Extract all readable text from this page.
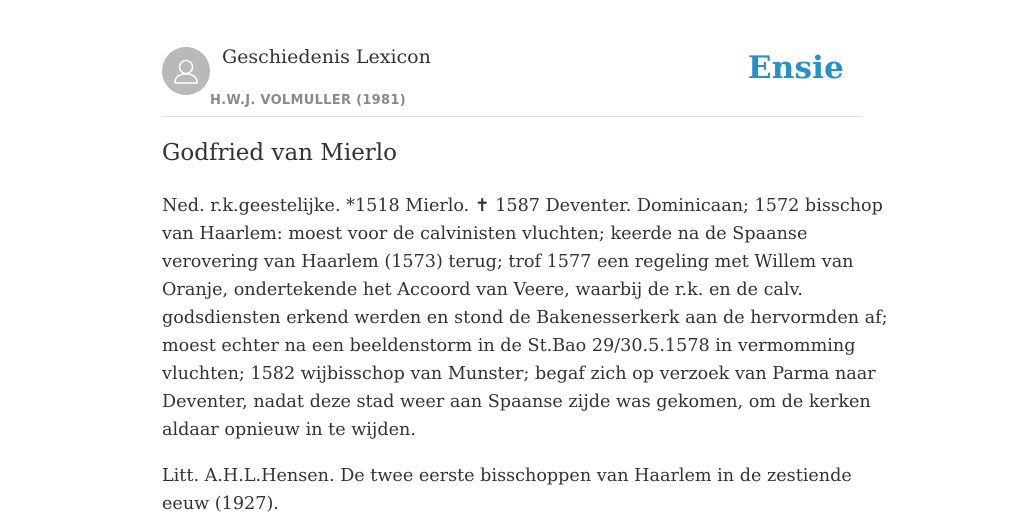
Geschiedenis Lexicon
H.W.J. VOLMULLER (1981)
Ensie
Godfried van Mierlo

Ned. r.k.geestelijke. *1518 Mierlo. ✝ 1587 Deventer. Dominicaan; 1572 bisschop
van Haarlem: moest voor de calvinisten vluchten; keerde na de Spaanse
verovering van Haarlem (1573) terug; trof 1577 een regeling met Willem van
Oranje, ondertekende het Accoord van Veere, waarbij de r.k. en de calv.
godsdiensten erkend werden en stond de Bakenesserkerk aan de hervormden af;
moest echter na een beeldenstorm in de St.Bao 29/30.5.1578 in vermomming
vluchten; 1582 wijbisschop van Munster; begaf zich op verzoek van Parma naar
Deventer, nadat deze stad weer aan Spaanse zijde was gekomen, om de kerken
aldaar opnieuw in te wijden.

Litt. A.H.L.Hensen. De twee eerste bisschoppen van Haarlem in de zestiende
eeuw (1927).
